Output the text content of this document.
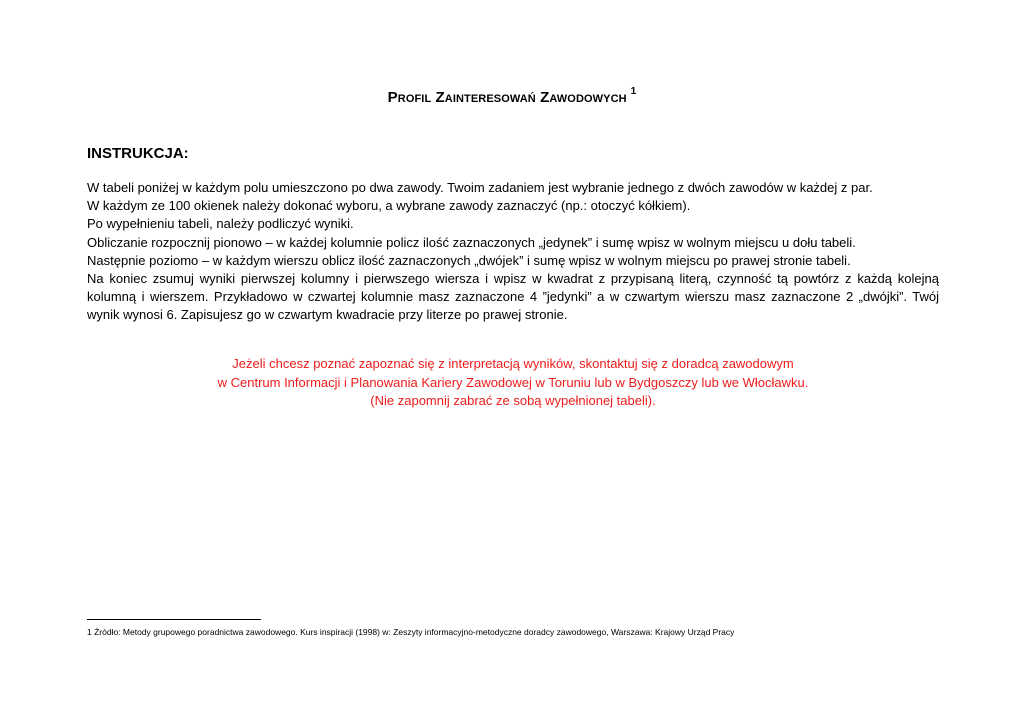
Profil Zainteresowań Zawodowych $^1$
INSTRUKCJA:

W tabeli poniżej w każdym polu umieszczono po dwa zawody. Twoim zadaniem jest wybranie jednego z dwóch zawodów w każdej z par.

W każdym ze 100 okienek należy dokonać wyboru, a wybrane zawody zaznaczyć (np.: otoczyć kółkiem).

Po wypełnieniu tabeli, należy podliczyć wyniki.

Obliczanie rozpocznij pionowo – w każdej kolumnie policz ilość zaznaczonych „jedynek” i sumę wpisz w wolnym miejscu u dołu tabeli.

Następnie poziomo – w każdym wierszu oblicz ilość zaznaczonych „dwójek” i sumę wpisz w wolnym miejscu po prawej stronie tabeli.

Na koniec zsumuj wyniki pierwszej kolumny i pierwszego wiersza i wpisz w kwadrat z przypisaną literą, czynność tą powtórz z każdą kolejną kolumną i wierszem. Przykładowo w czwartej kolumnie masz zaznaczone 4 ”jedynki” a w czwartym wierszu masz zaznaczone 2 „dwójki”. Twój wynik wynosi 6. Zapisujesz go w czwartym kwadracie przy literze po prawej stronie.

Jeżeli chcesz poznać zapoznać się z interpretacją wyników, skontaktuj się z doradcą zawodowym

w Centrum Informacji i Planowania Kariery Zawodowej w Toruniu lub w Bydgoszczy lub we Włocławku.

(Nie zapomnij zabrać ze sobą wypełnionej tabeli).

1 Źródło: Metody grupowego poradnictwa zawodowego. Kurs inspiracji (1998) w: Zeszyty informacyjno-metodyczne doradcy zawodowego, Warszawa: Krajowy Urząd Pracy
